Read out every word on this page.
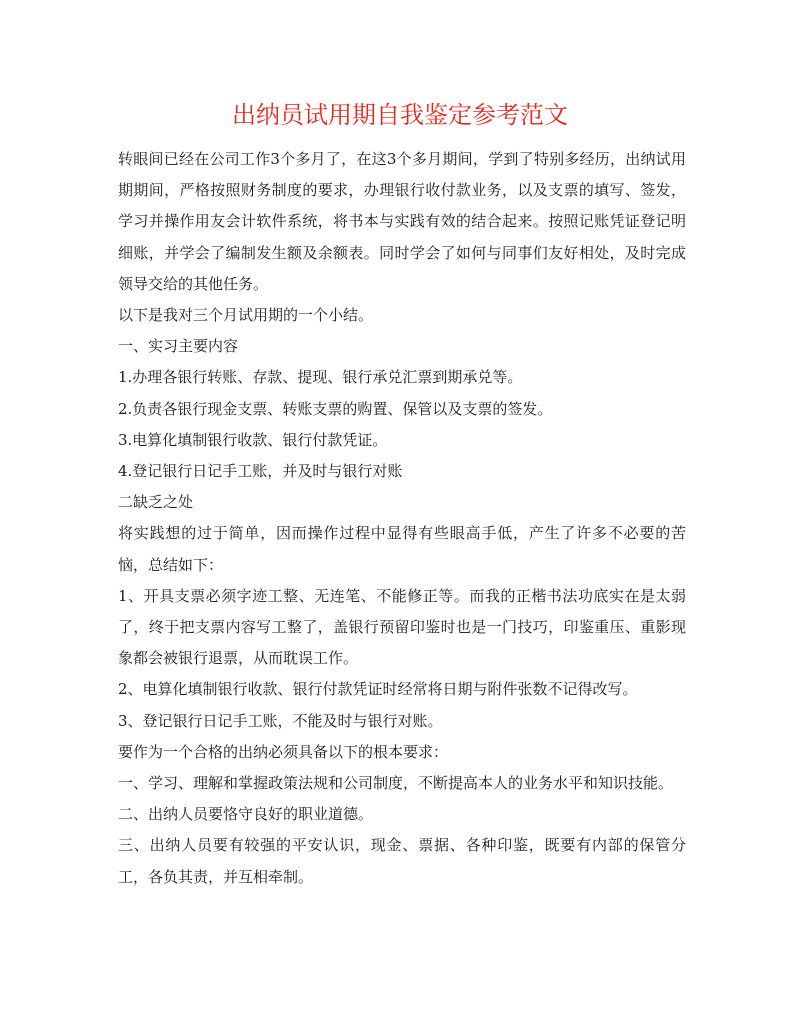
出纳员试用期自我鉴定参考范文

转眼间已经在公司工作3个多月了，在这3个多月期间，学到了特别多经历，出纳试用期期间，严格按照财务制度的要求，办理银行收付款业务，以及支票的填写、签发，学习并操作用友会计软件系统，将书本与实践有效的结合起来。按照记账凭证登记明细账，并学会了编制发生额及余额表。同时学会了如何与同事们友好相处，及时完成领导交给的其他任务。

以下是我对三个月试用期的一个小结。

一、实习主要内容

1.办理各银行转账、存款、提现、银行承兑汇票到期承兑等。

2.负责各银行现金支票、转账支票的购置、保管以及支票的签发。

3.电算化填制银行收款、银行付款凭证。

4.登记银行日记手工账，并及时与银行对账

二缺乏之处

将实践想的过于简单，因而操作过程中显得有些眼高手低，产生了许多不必要的苦恼，总结如下：

1、开具支票必须字迹工整、无连笔、不能修正等。而我的正楷书法功底实在是太弱了，终于把支票内容写工整了，盖银行预留印鉴时也是一门技巧，印鉴重压、重影现象都会被银行退票，从而耽误工作。

2、电算化填制银行收款、银行付款凭证时经常将日期与附件张数不记得改写。

3、登记银行日记手工账，不能及时与银行对账。

要作为一个合格的出纳必须具备以下的根本要求：

一、学习、理解和掌握政策法规和公司制度，不断提高本人的业务水平和知识技能。

二、出纳人员要恪守良好的职业道德。

三、出纳人员要有较强的平安认识，现金、票据、各种印鉴，既要有内部的保管分工，各负其责，并互相牵制。
